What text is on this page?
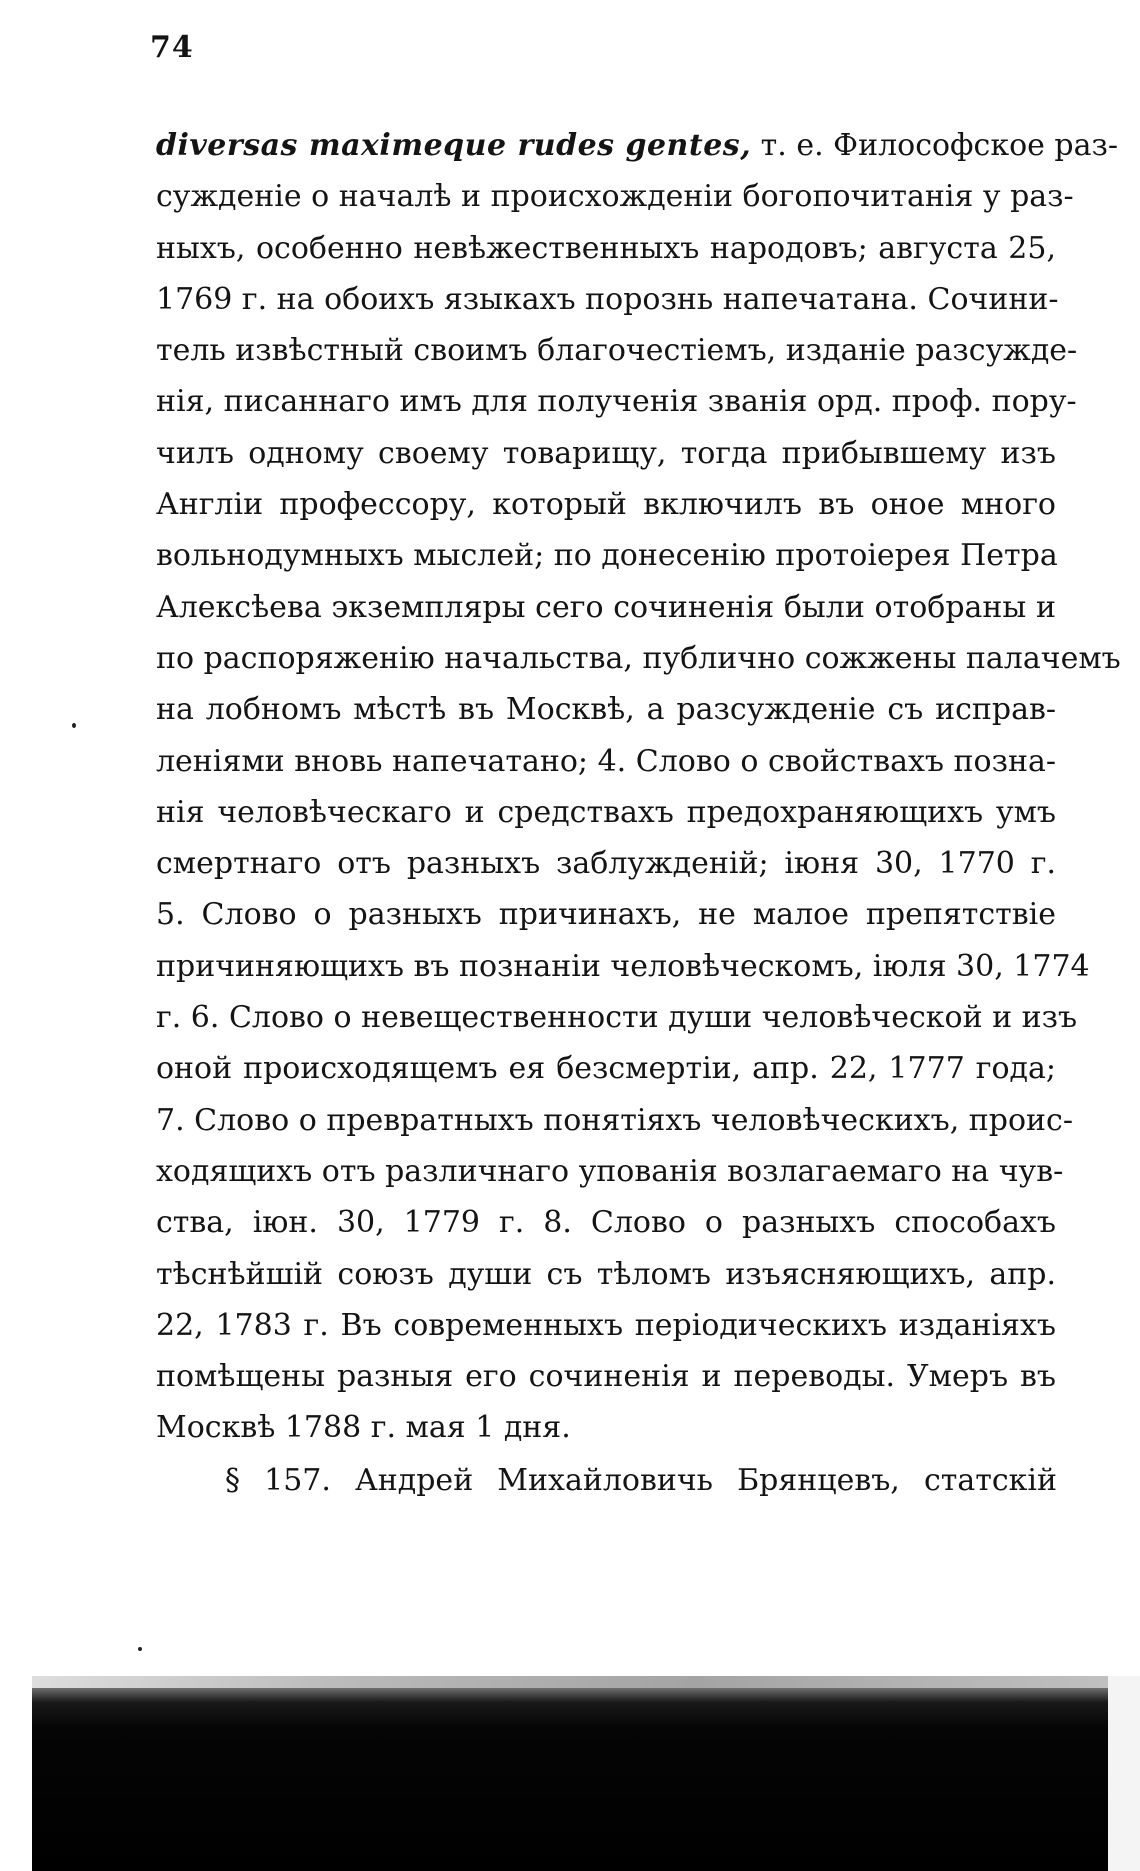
74
diversas maximeque rudes gentes, т. е. Философское раз-
сужденіе о началѣ и происхожденіи богопочитанія у раз-
ныхъ, особенно невѣжественныхъ народовъ; августа 25,
1769 г. на обоихъ языкахъ порознь напечатана. Сочини-
тель извѣстный своимъ благочестіемъ, изданіе разсужде-
нія, писаннаго имъ для полученія званія орд. проф. пору-
чилъ одному своему товарищу, тогда прибывшему изъ
Англіи профессору, который включилъ въ оное много
вольнодумныхъ мыслей; по донесенію протоіерея Петра
Алексѣева экземпляры сего сочиненія были отобраны и
по распоряженію начальства, публично сожжены палачемъ
на лобномъ мѣстѣ въ Москвѣ, а разсужденіе съ исправ-
леніями вновь напечатано; 4. Слово о свойствахъ позна-
нія человѣческаго и средствахъ предохраняющихъ умъ
смертнаго отъ разныхъ заблужденій; іюня 30, 1770 г.
5. Слово о разныхъ причинахъ, не малое препятствіе
причиняющихъ въ познаніи человѣческомъ, іюля 30, 1774
г. 6. Слово о невещественности души человѣческой и изъ
оной происходящемъ ея безсмертіи, апр. 22, 1777 года;
7. Слово о превратныхъ понятіяхъ человѣческихъ, проис-
ходящихъ отъ различнаго упованія возлагаемаго на чув-
ства, іюн. 30, 1779 г. 8. Слово о разныхъ способахъ
тѣснѣйшій союзъ души съ тѣломъ изъясняющихъ, апр.
22, 1783 г. Въ современныхъ періодическихъ изданіяхъ
помѣщены разныя его сочиненія и переводы. Умеръ въ
Москвѣ 1788 г. мая 1 дня.
§ 157. Андрей Михайловичь Брянцевъ, статскій
